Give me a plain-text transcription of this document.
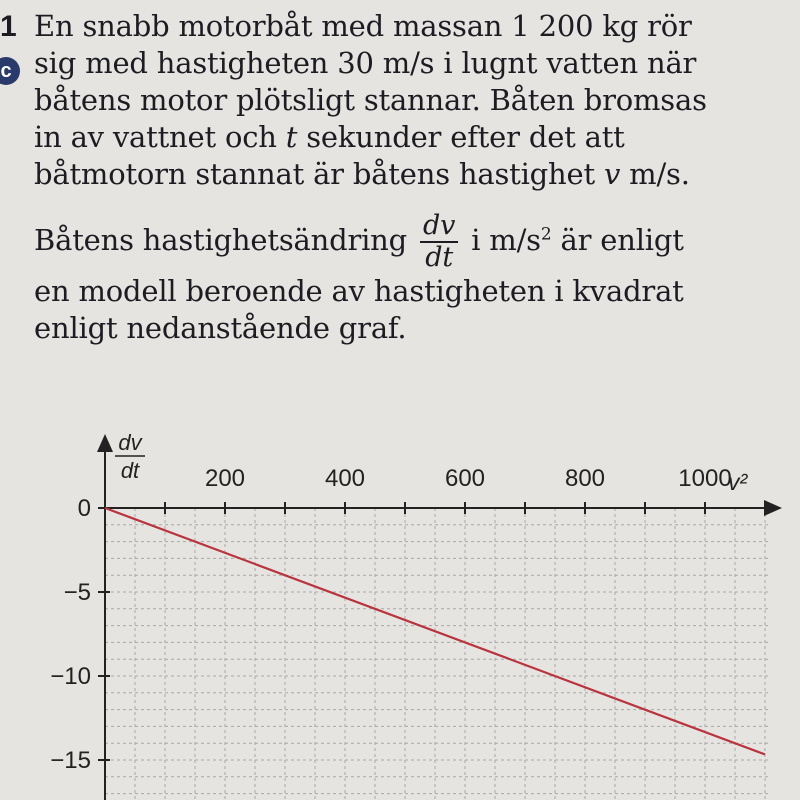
1
c
En snabb motorbåt med massan 1 200 kg rör
sig med hastigheten 30 m/s i lugnt vatten när
båtens motor plötsligt stannar. Båten bromsas
in av vattnet och t sekunder efter det att
båtmotorn stannat är båtens hastighet v m/s.
Båtens hastighetsändring $\frac{dv}{dt}$ i $m/s^2$ är enligt
en modell beroende av hastigheten i kvadrat
enligt nedanstående graf.
dv
dt	v²
200	400	600	800	1000
0
−5
−10
−15
